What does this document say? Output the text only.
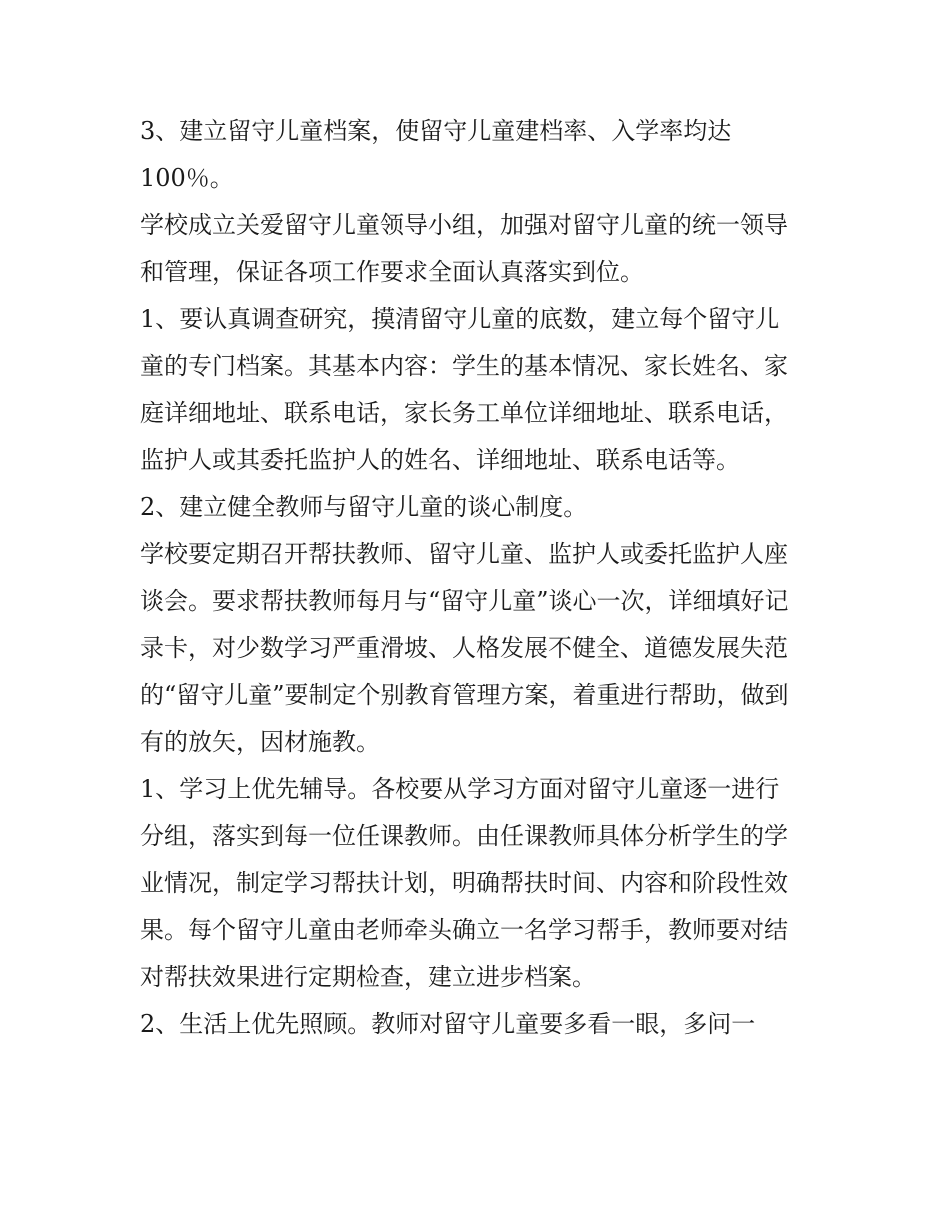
3、建立留守儿童档案，使留守儿童建档率、入学率均达
100％。
学校成立关爱留守儿童领导小组，加强对留守儿童的统一领导
和管理，保证各项工作要求全面认真落实到位。
1、要认真调查研究，摸清留守儿童的底数，建立每个留守儿
童的专门档案。其基本内容：学生的基本情况、家长姓名、家
庭详细地址、联系电话，家长务工单位详细地址、联系电话，
监护人或其委托监护人的姓名、详细地址、联系电话等。
2、建立健全教师与留守儿童的谈心制度。
学校要定期召开帮扶教师、留守儿童、监护人或委托监护人座
谈会。要求帮扶教师每月与“留守儿童”谈心一次，详细填好记
录卡，对少数学习严重滑坡、人格发展不健全、道德发展失范
的“留守儿童”要制定个别教育管理方案，着重进行帮助，做到
有的放矢，因材施教。
1、学习上优先辅导。各校要从学习方面对留守儿童逐一进行
分组，落实到每一位任课教师。由任课教师具体分析学生的学
业情况，制定学习帮扶计划，明确帮扶时间、内容和阶段性效
果。每个留守儿童由老师牵头确立一名学习帮手，教师要对结
对帮扶效果进行定期检查，建立进步档案。
2、生活上优先照顾。教师对留守儿童要多看一眼，多问一
